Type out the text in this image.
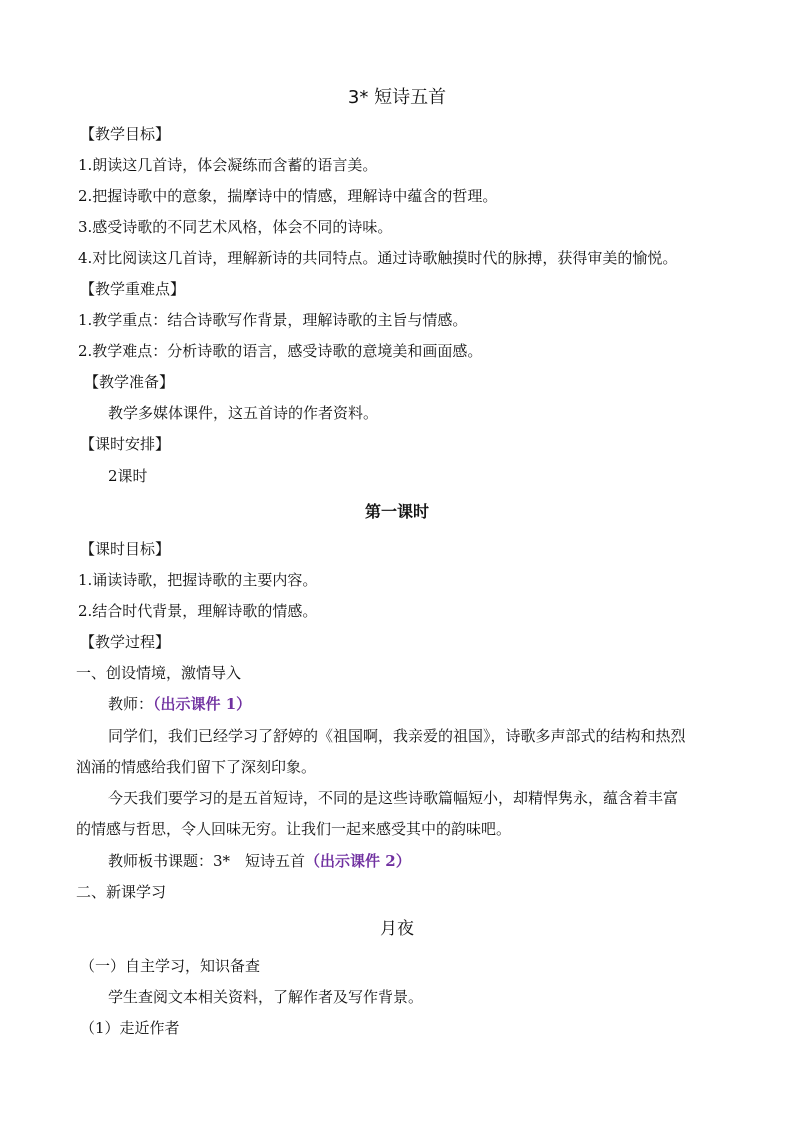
3* 短诗五首
【教学目标】
1.朗读这几首诗，体会凝练而含蓄的语言美。
2.把握诗歌中的意象，揣摩诗中的情感，理解诗中蕴含的哲理。
3.感受诗歌的不同艺术风格，体会不同的诗味。
4.对比阅读这几首诗，理解新诗的共同特点。通过诗歌触摸时代的脉搏，获得审美的愉悦。
【教学重难点】
1.教学重点：结合诗歌写作背景，理解诗歌的主旨与情感。
2.教学难点：分析诗歌的语言，感受诗歌的意境美和画面感。
【教学准备】
教学多媒体课件，这五首诗的作者资料。
【课时安排】
2课时
第一课时
【课时目标】
1.诵读诗歌，把握诗歌的主要内容。
2.结合时代背景，理解诗歌的情感。
【教学过程】
一、创设情境，激情导入
教师：（出示课件 1）
同学们，我们已经学习了舒婷的《祖国啊，我亲爱的祖国》，诗歌多声部式的结构和热烈
汹涌的情感给我们留下了深刻印象。
今天我们要学习的是五首短诗，不同的是这些诗歌篇幅短小，却精悍隽永，蕴含着丰富
的情感与哲思，令人回味无穷。让我们一起来感受其中的韵味吧。
教师板书课题：3*　短诗五首（出示课件 2）
二、新课学习
月夜
（一）自主学习，知识备查
学生查阅文本相关资料，了解作者及写作背景。
（1）走近作者
